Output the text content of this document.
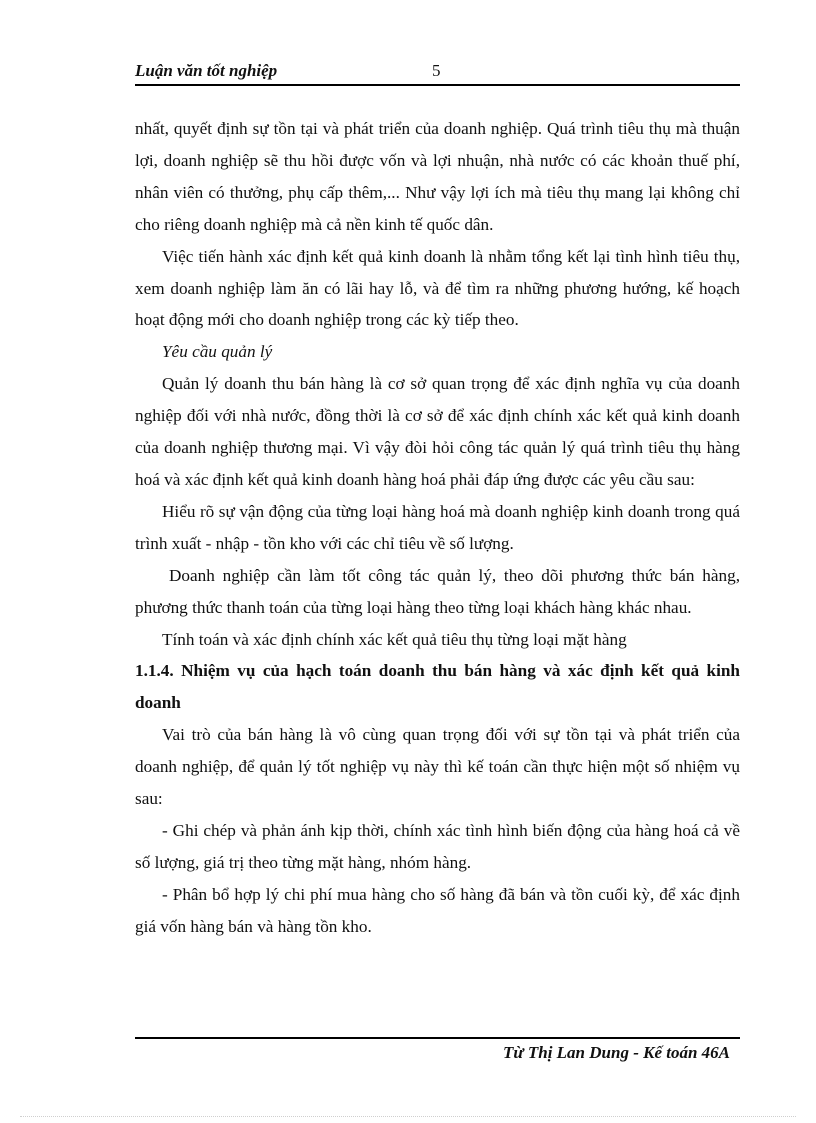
Luận văn tốt nghiệp	5

nhất, quyết định sự tồn tại và phát triển của doanh nghiệp. Quá trình tiêu thụ mà thuận lợi, doanh nghiệp sẽ thu hồi được vốn và lợi nhuận, nhà nước có các khoản thuế phí, nhân viên có thưởng, phụ cấp thêm,... Như vậy lợi ích mà tiêu thụ mang lại không chỉ cho riêng doanh nghiệp mà cả nền kinh tế quốc dân.

Việc tiến hành xác định kết quả kinh doanh là nhằm tổng kết lại tình hình tiêu thụ, xem doanh nghiệp làm ăn có lãi hay lỗ, và để tìm ra những phương hướng, kế hoạch hoạt động mới cho doanh nghiệp trong các kỳ tiếp theo.

Yêu cầu quản lý

Quản lý doanh thu bán hàng là cơ sở quan trọng để xác định nghĩa vụ của doanh nghiệp đối với nhà nước, đồng thời là cơ sở để xác định chính xác kết quả kinh doanh của doanh nghiệp thương mại. Vì vậy đòi hỏi công tác quản lý quá trình tiêu thụ hàng hoá và xác định kết quả kinh doanh hàng hoá phải đáp ứng được các yêu cầu sau:

Hiểu rõ sự vận động của từng loại hàng hoá mà doanh nghiệp kinh doanh trong quá trình xuất - nhập - tồn kho với các chỉ tiêu về số lượng.

Doanh nghiệp cần làm tốt công tác quản lý, theo dõi phương thức bán hàng, phương thức thanh toán của từng loại hàng theo từng loại khách hàng khác nhau.

Tính toán và xác định chính xác kết quả tiêu thụ từng loại mặt hàng

1.1.4. Nhiệm vụ của hạch toán doanh thu bán hàng và xác định kết quả kinh doanh

Vai trò của bán hàng là vô cùng quan trọng đối với sự tồn tại và phát triển của doanh nghiệp, để quản lý tốt nghiệp vụ này thì kế toán cần thực hiện một số nhiệm vụ sau:

- Ghi chép và phản ánh kịp thời, chính xác tình hình biến động của hàng hoá cả về số lượng, giá trị theo từng mặt hàng, nhóm hàng.

- Phân bổ hợp lý chi phí mua hàng cho số hàng đã bán và tồn cuối kỳ, để xác định giá vốn hàng bán và hàng tồn kho.

Từ Thị Lan Dung - Kế toán 46A
